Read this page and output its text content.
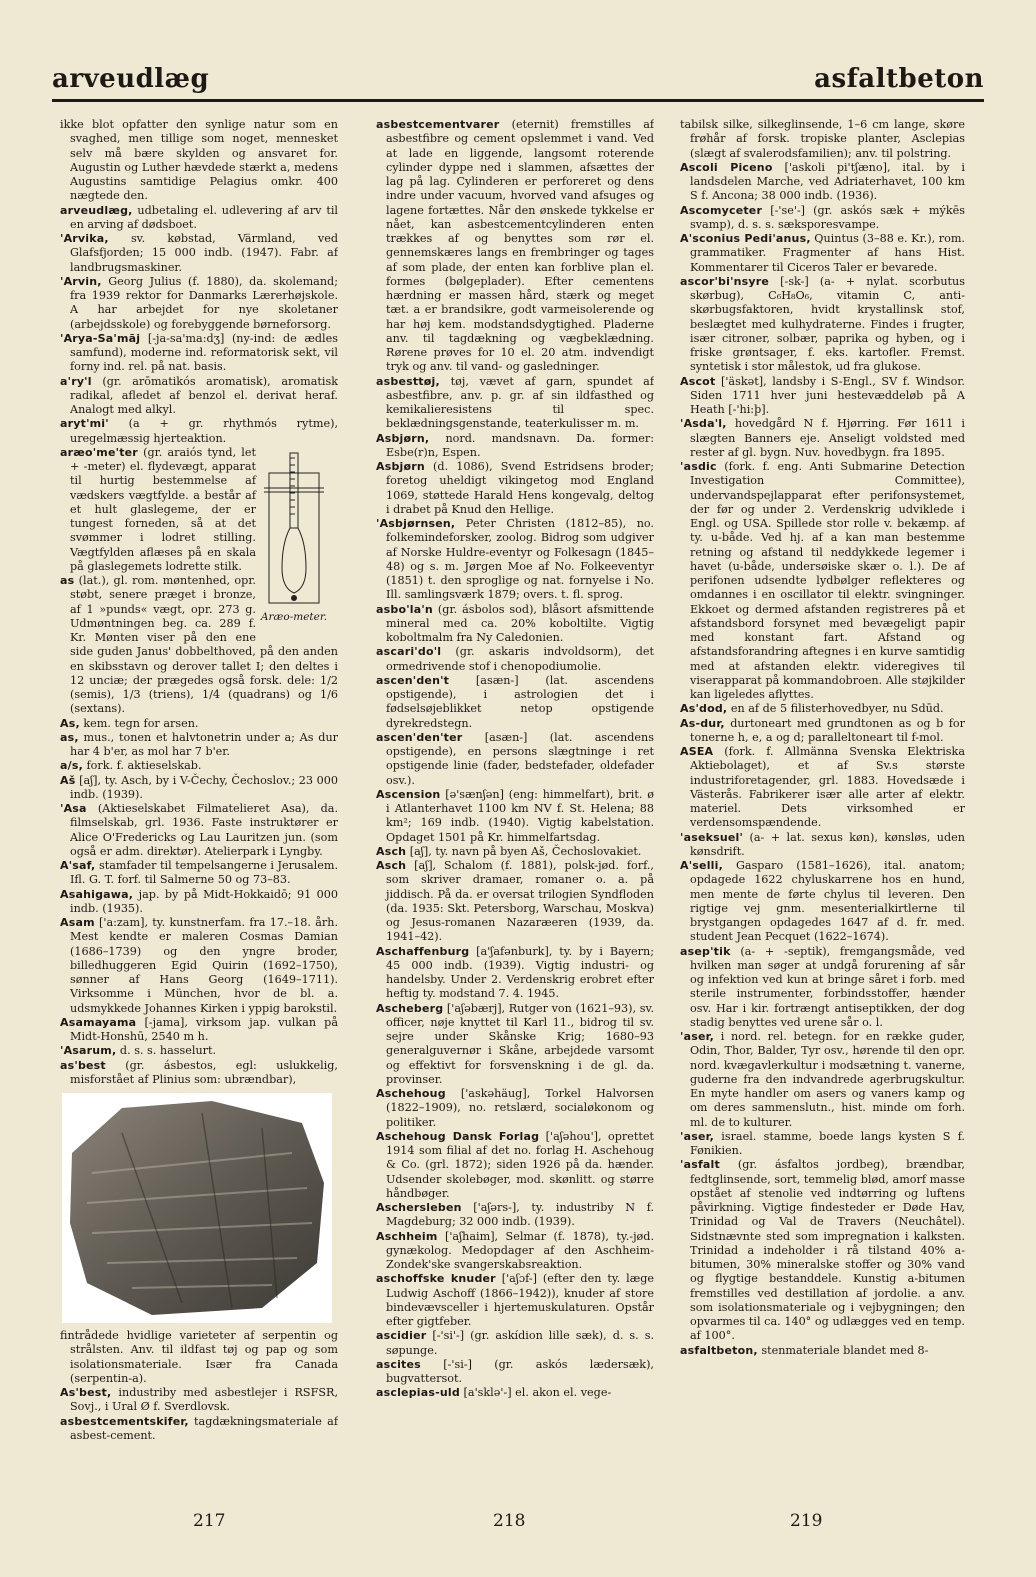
arveudlæg	asfaltbeton

ikke blot opfatter den synlige natur som en svaghed, men tillige som noget, mennesket selv må bære skylden og ansvaret for. Augustin og Luther hævdede stærkt a, medens Augustins samtidige Pelagius omkr. 400 nægtede den.

arveudlæg, udbetaling el. udlevering af arv til en arving af dødsboet.

'Arvika, sv. købstad, Värmland, ved Glafsfjorden; 15 000 indb. (1947). Fabr. af landbrugsmaskiner.

'Arvin, Georg Julius (f. 1880), da. skolemand; fra 1939 rektor for Danmarks Lærerhøjskole. A har arbejdet for nye skoletaner (arbejdsskole) og forebyggende børneforsorg.

'Arya-Sa'māj [-ja-sa'ma:dʒ] (ny-ind: de ædles samfund), moderne ind. reformatorisk sekt, vil forny ind. rel. på nat. basis.

a'ry'l (gr. arōmatikós aromatisk), aromatisk radikal, afledet af benzol el. derivat heraf. Analogt med alkyl.

aryt'mi' (a + gr. rhythmós rytme), uregelmæssig hjerteaktion.

Aræo-meter.
aræo'me'ter (gr. araiós tynd, let + -meter) el. flydevægt, apparat til hurtig bestemmelse af vædskers vægtfylde. a består af et hult glaslegeme, der er tungest forneden, så at det svømmer i lodret stilling. Vægtfylden aflæses på en skala på glaslegemets lodrette stilk.

as (lat.), gl. rom. møntenhed, opr. støbt, senere præget i bronze, af 1 »punds« vægt, opr. 273 g. Udmøntningen beg. ca. 289 f. Kr. Mønten viser på den ene side guden Janus' dobbelthoved, på den anden en skibsstavn og derover tallet I; den deltes i 12 unciæ; der prægedes også forsk. dele: 1/2 (semis), 1/3 (triens), 1/4 (quadrans) og 1/6 (sextans).

As, kem. tegn for arsen.

as, mus., tonen et halvtonetrin under a; As dur har 4 b'er, as mol har 7 b'er.

a/s, fork. f. aktieselskab.

Aš [aʃ], ty. Asch, by i V-Čechy, Čechoslov.; 23 000 indb. (1939).

'Asa (Aktieselskabet Filmatelieret Asa), da. filmselskab, grl. 1936. Faste instruktører er Alice O'Fredericks og Lau Lauritzen jun. (som også er adm. direktør). Atelierpark i Lyngby.

A'saf, stamfader til tempelsangerne i Jerusalem. Ifl. G. T. forf. til Salmerne 50 og 73–83.

Asahigawa, jap. by på Midt-Hokkaidō; 91 000 indb. (1935).

Asam ['a:zam], ty. kunstnerfam. fra 17.–18. årh. Mest kendte er maleren Cosmas Damian (1686–1739) og den yngre broder, billedhuggeren Egid Quirin (1692–1750), sønner af Hans Georg (1649–1711). Virksomme i München, hvor de bl. a. udsmykkede Johannes Kirken i yppig barokstil.

Asamayama [-jama], virksom jap. vulkan på Midt-Honshū, 2540 m h.

'Asarum, d. s. s. hasselurt.

as'best (gr. ásbestos, egl: uslukkelig, misforstået af Plinius som: ubrændbar),

fintrådede hvidlige varieteter af serpentin og strålsten. Anv. til ildfast tøj og pap og som isolationsmateriale. Især fra Canada (serpentin-a).

As'best, industriby med asbestlejer i RSFSR, Sovj., i Ural Ø f. Sverdlovsk.

asbestcementskifer, tagdækningsmateriale af asbest-cement.

asbestcementvarer (eternit) fremstilles af asbestfibre og cement opslemmet i vand. Ved at lade en liggende, langsomt roterende cylinder dyppe ned i slammen, afsættes der lag på lag. Cylinderen er perforeret og dens indre under vacuum, hvorved vand afsuges og lagene fortættes. Når den ønskede tykkelse er nået, kan asbestcementcylinderen enten trækkes af og benyttes som rør el. gennemskæres langs en frembringer og tages af som plade, der enten kan forblive plan el. formes (bølgeplader). Efter cementens hærdning er massen hård, stærk og meget tæt. a er brandsikre, godt varmeisolerende og har høj kem. modstandsdygtighed. Pladerne anv. til tagdækning og vægbeklædning. Rørene prøves for 10 el. 20 atm. indvendigt tryk og anv. til vand- og gasledninger.

asbesttøj, tøj, vævet af garn, spundet af asbestfibre, anv. p. gr. af sin ildfasthed og kemikalieresistens til spec. beklædningsgenstande, teaterkulisser m. m.

Asbjørn, nord. mandsnavn. Da. former: Esbe(r)n, Espen.

Asbjørn (d. 1086), Svend Estridsens broder; foretog uheldigt vikingetog mod England 1069, støttede Harald Hens kongevalg, deltog i drabet på Knud den Hellige.

'Asbjørnsen, Peter Christen (1812–85), no. folkemindeforsker, zoolog. Bidrog som udgiver af Norske Huldre-eventyr og Folkesagn (1845–48) og s. m. Jørgen Moe af No. Folkeeventyr (1851) t. den sproglige og nat. fornyelse i No. Ill. samlingsværk 1879; overs. t. fl. sprog.

asbo'la'n (gr. ásbolos sod), blåsort afsmittende mineral med ca. 20% koboltilte. Vigtig koboltmalm fra Ny Caledonien.

ascari'do'l (gr. askaris indvoldsorm), det ormedrivende stof i chenopodiumolie.

ascen'den't [asæn-] (lat. ascendens opstigende), i astrologien det i fødselsøjeblikket netop opstigende dyrekredstegn.

ascen'den'ter [asæn-] (lat. ascendens opstigende), en persons slægtninge i ret opstigende linie (fader, bedstefader, oldefader osv.).

Ascension [ə'sænʃən] (eng: himmelfart), brit. ø i Atlanterhavet 1100 km NV f. St. Helena; 88 km²; 169 indb. (1940). Vigtig kabelstation. Opdaget 1501 på Kr. himmelfartsdag.

Asch [aʃ], ty. navn på byen Aš, Čechoslovakiet.

Asch [aʃ], Schalom (f. 1881), polsk-jød. forf., som skriver dramaer, romaner o. a. på jiddisch. På da. er oversat trilogien Syndfloden (da. 1935: Skt. Petersborg, Warschau, Moskva) og Jesus-romanen Nazaræeren (1939, da. 1941–42).

Aschaffenburg [a'ʃafənburk], ty. by i Bayern; 45 000 indb. (1939). Vigtig industri- og handelsby. Under 2. Verdenskrig erobret efter heftig ty. modstand 7. 4. 1945.

Ascheberg ['aʃəbærj], Rutger von (1621–93), sv. officer, nøje knyttet til Karl 11., bidrog til sv. sejre under Skånske Krig; 1680–93 generalguvernør i Skåne, arbejdede varsomt og effektivt for forsvenskning i de gl. da. provinser.

Aschehoug ['askəhäug], Torkel Halvorsen (1822–1909), no. retslærd, socialøkonom og politiker.

Aschehoug Dansk Forlag ['aʃəhou'], oprettet 1914 som filial af det no. forlag H. Aschehoug & Co. (grl. 1872); siden 1926 på da. hænder. Udsender skolebøger, mod. skønlitt. og større håndbøger.

Aschersleben ['aʃərs-], ty. industriby N f. Magdeburg; 32 000 indb. (1939).

Aschheim ['aʃhaim], Selmar (f. 1878), ty.-jød. gynækolog. Medopdager af den Aschheim-Zondek'ske svangerskabsreaktion.

aschoffske knuder ['aʃɔf-] (efter den ty. læge Ludwig Aschoff (1866–1942)), knuder af store bindevævsceller i hjertemuskulaturen. Opstår efter gigtfeber.

ascidier [-'si'-] (gr. askídion lille sæk), d. s. s. søpunge.

ascites [-'si-] (gr. askós lædersæk), bugvattersot.

asclepias-uld [a'sklə'-] el. akon el. vege-

tabilsk silke, silkeglinsende, 1–6 cm lange, skøre frøhår af forsk. tropiske planter, Asclepias (slægt af svalerodsfamilien); anv. til polstring.

Ascoli Piceno ['askoli pi'tʃæno], ital. by i landsdelen Marche, ved Adriaterhavet, 100 km S f. Ancona; 38 000 indb. (1936).

Ascomyceter [-'se'-] (gr. askós sæk + mýkēs svamp), d. s. s. sæksporesvampe.

A'sconius Pedi'anus, Quintus (3–88 e. Kr.), rom. grammatiker. Fragmenter af hans Hist. Kommentarer til Ciceros Taler er bevarede.

ascor'bi'nsyre [-sk-] (a- + nylat. scorbutus skørbug), C₆H₈O₆, vitamin C, anti-skørbugsfaktoren, hvidt krystallinsk stof, beslægtet med kulhydraterne. Findes i frugter, især citroner, solbær, paprika og hyben, og i friske grøntsager, f. eks. kartofler. Fremst. syntetisk i stor målestok, ud fra glukose.

Ascot ['äskət], landsby i S-Engl., SV f. Windsor. Siden 1711 hver juni hestevæddeløb på A Heath [-'hi:þ].

'Asda'l, hovedgård N f. Hjørring. Før 1611 i slægten Banners eje. Anseligt voldsted med rester af gl. bygn. Nuv. hovedbygn. fra 1895.

'asdic (fork. f. eng. Anti Submarine Detection Investigation Committee), undervandspejlapparat efter perifonsystemet, der før og under 2. Verdenskrig udviklede i Engl. og USA. Spillede stor rolle v. bekæmp. af ty. u-både. Ved hj. af a kan man bestemme retning og afstand til neddykkede legemer i havet (u-både, undersøiske skær o. l.). De af perifonen udsendte lydbølger reflekteres og omdannes i en oscillator til elektr. svingninger. Ekkoet og dermed afstanden registreres på et afstandsbord forsynet med bevægeligt papir med konstant fart. Afstand og afstandsforandring aftegnes i en kurve samtidig med at afstanden elektr. videregives til viserapparat på kommandobroen. Alle støjkilder kan ligeledes aflyttes.

As'dod, en af de 5 filisterhovedbyer, nu Sdūd.

As-dur, durtoneart med grundtonen as og b for tonerne h, e, a og d; paralleltoneart til f-mol.

ASEA (fork. f. Allmänna Svenska Elektriska Aktiebolaget), et af Sv.s største industriforetagender, grl. 1883. Hovedsæde i Västerås. Fabrikerer især alle arter af elektr. materiel. Dets virksomhed er verdensomspændende.

'aseksuel' (a- + lat. sexus køn), kønsløs, uden kønsdrift.

A'selli, Gasparo (1581–1626), ital. anatom; opdagede 1622 chyluskarrene hos en hund, men mente de førte chylus til leveren. Den rigtige vej gnm. mesenterialkirtlerne til brystgangen opdagedes 1647 af d. fr. med. student Jean Pecquet (1622–1674).

asep'tik (a- + -septik), fremgangsmåde, ved hvilken man søger at undgå forurening af sår og infektion ved kun at bringe såret i forb. med sterile instrumenter, forbindsstoffer, hænder osv. Har i kir. fortrængt antiseptikken, der dog stadig benyttes ved urene sår o. l.

'aser, i nord. rel. betegn. for en række guder, Odin, Thor, Balder, Tyr osv., hørende til den opr. nord. kvægavlerkultur i modsætning t. vanerne, guderne fra den indvandrede agerbrugskultur. En myte handler om asers og vaners kamp og om deres sammenslutn., hist. minde om forh. ml. de to kulturer.

'aser, israel. stamme, boede langs kysten S f. Fønikien.

'asfalt (gr. ásfaltos jordbeg), brændbar, fedtglinsende, sort, temmelig blød, amorf masse opstået af stenolie ved indtørring og luftens påvirkning. Vigtige findesteder er Døde Hav, Trinidad og Val de Travers (Neuchâtel). Sidstnævnte sted som impregnation i kalksten. Trinidad a indeholder i rå tilstand 40% a-bitumen, 30% mineralske stoffer og 30% vand og flygtige bestanddele. Kunstig a-bitumen fremstilles ved destillation af jordolie. a anv. som isolationsmateriale og i vejbygningen; den opvarmes til ca. 140° og udlægges ved en temp. af 100°.

asfaltbeton, stenmateriale blandet med 8-

217	218	219
